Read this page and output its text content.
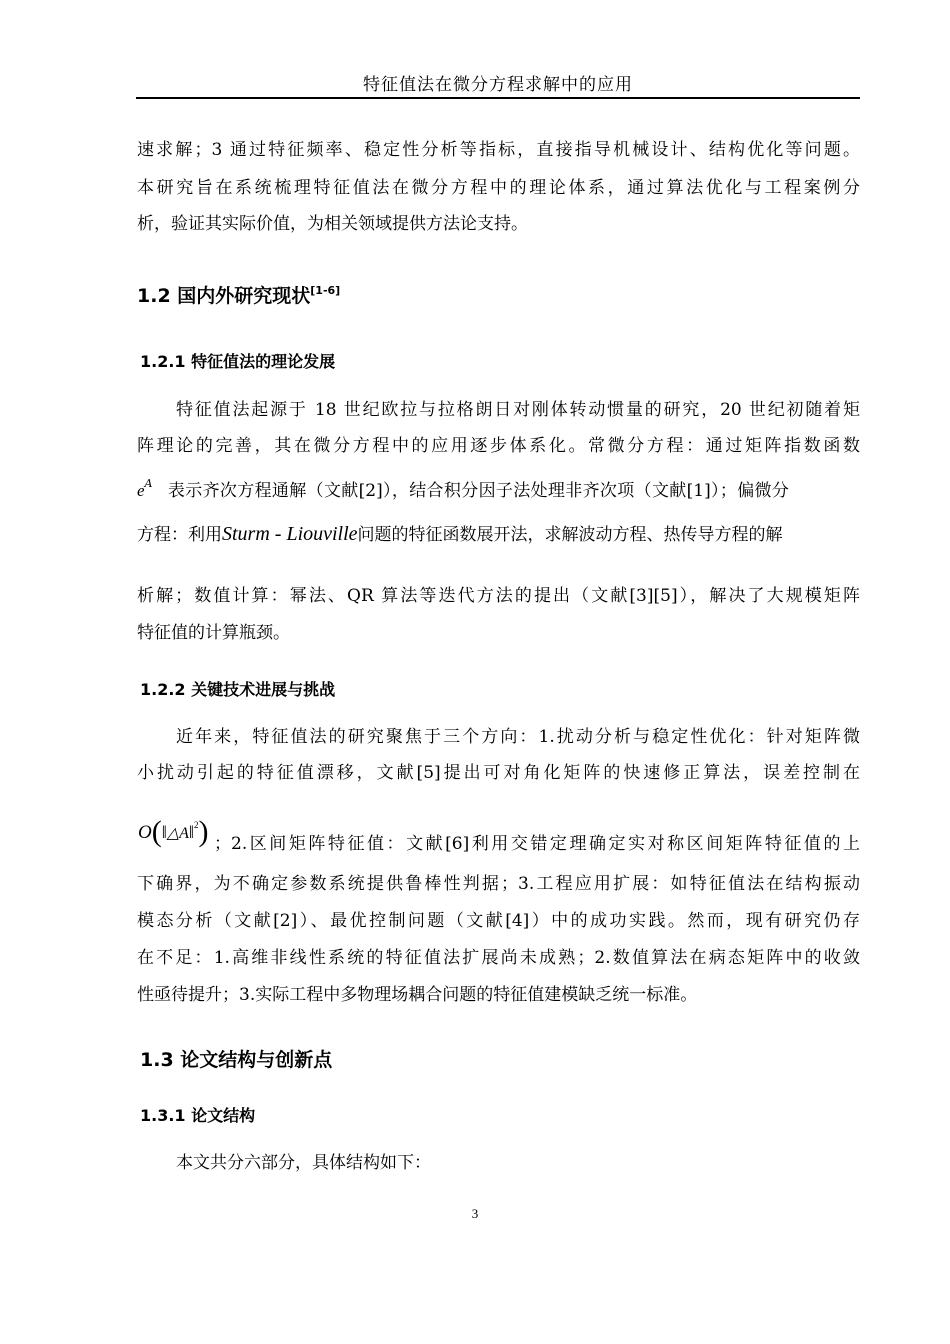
特征值法在微分方程求解中的应用
速求解；3 通过特征频率、稳定性分析等指标，直接指导机械设计、结构优化等问题。
本研究旨在系统梳理特征值法在微分方程中的理论体系，通过算法优化与工程案例分
析，验证其实际价值，为相关领域提供方法论支持。
1.2 国内外研究现状[1-6]
1.2.1 特征值法的理论发展
特征值法起源于 18 世纪欧拉与拉格朗日对刚体转动惯量的研究，20 世纪初随着矩
阵理论的完善，其在微分方程中的应用逐步体系化。常微分方程：通过矩阵指数函数
$e^A$ 表示齐次方程通解（文献[2]），结合积分因子法处理非齐次项（文献[1]）；偏微分
方程：利用Sturm - Liouville问题的特征函数展开法，求解波动方程、热传导方程的解
析解；数值计算：幂法、QR 算法等迭代方法的提出（文献[3][5]），解决了大规模矩阵
特征值的计算瓶颈。
1.2.2 关键技术进展与挑战
近年来，特征值法的研究聚焦于三个方向：1.扰动分析与稳定性优化：针对矩阵微
小扰动引起的特征值漂移，文献[5]提出可对角化矩阵的快速修正算法，误差控制在
O(‖△A‖$^2$) ；2.区间矩阵特征值：文献[6]利用交错定理确定实对称区间矩阵特征值的上
下确界，为不确定参数系统提供鲁棒性判据；3.工程应用扩展：如特征值法在结构振动
模态分析（文献[2]）、最优控制问题（文献[4]）中的成功实践。然而，现有研究仍存
在不足：1.高维非线性系统的特征值法扩展尚未成熟；2.数值算法在病态矩阵中的收敛
性亟待提升；3.实际工程中多物理场耦合问题的特征值建模缺乏统一标准。
1.3 论文结构与创新点
1.3.1 论文结构
本文共分六部分，具体结构如下：
3
